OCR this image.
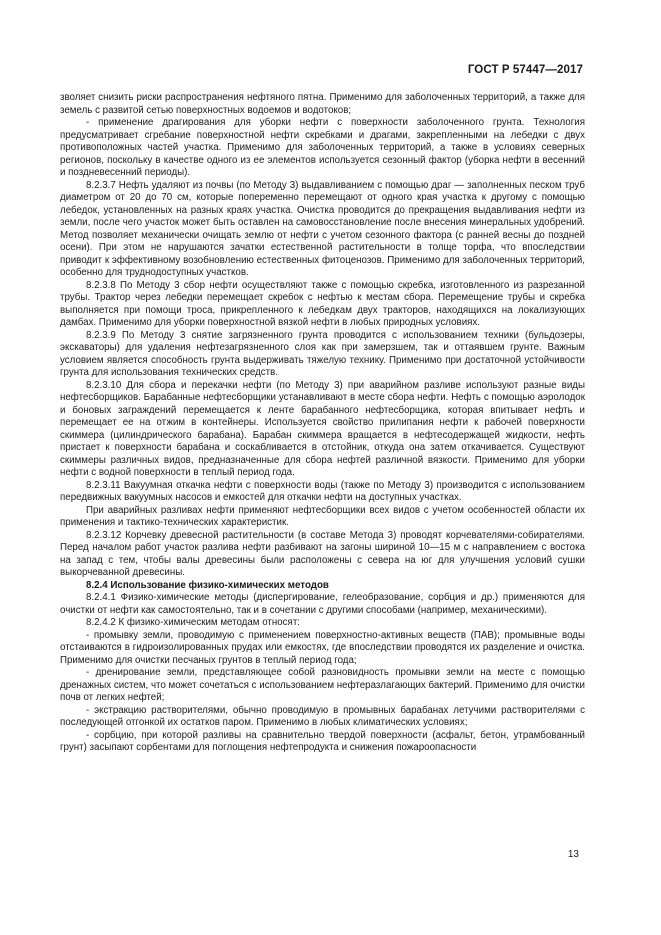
ГОСТ Р 57447—2017

зволяет снизить риски распространения нефтяного пятна. Применимо для заболоченных территорий, а также для земель с развитой сетью поверхностных водоемов и водотоков;

- применение драгирования для уборки нефти с поверхности заболоченного грунта. Технология предусматривает сгребание поверхностной нефти скребками и драгами, закрепленными на лебедки с двух противоположных частей участка. Применимо для заболоченных территорий, а также в условиях северных регионов, поскольку в качестве одного из ее элементов используется сезонный фактор (уборка нефти в весенний и поздневесенний периоды).

8.2.3.7 Нефть удаляют из почвы (по Методу 3) выдавливанием с помощью драг — заполненных песком труб диаметром от 20 до 70 см, которые попеременно перемещают от одного края участка к другому с помощью лебедок, установленных на разных краях участка. Очистка проводится до прекращения выдавливания нефти из земли, после чего участок может быть оставлен на самовосстановление после внесения минеральных удобрений. Метод позволяет механически очищать землю от нефти с учетом сезонного фактора (с ранней весны до поздней осени). При этом не нарушаются зачатки естественной растительности в толще торфа, что впоследствии приводит к эффективному возобновлению естественных фитоценозов. Применимо для заболоченных территорий, особенно для труднодоступных участков.

8.2.3.8 По Методу 3 сбор нефти осуществляют также с помощью скребка, изготовленного из разрезанной трубы. Трактор через лебедки перемещает скребок с нефтью к местам сбора. Перемещение трубы и скребка выполняется при помощи троса, прикрепленного к лебедкам двух тракторов, находящихся на локализующих дамбах. Применимо для уборки поверхностной вязкой нефти в любых природных условиях.

8.2.3.9 По Методу 3 снятие загрязненного грунта проводится с использованием техники (бульдозеры, экскаваторы) для удаления нефтезагрязненного слоя как при замерзшем, так и оттаявшем грунте. Важным условием является способность грунта выдерживать тяжелую технику. Применимо при достаточной устойчивости грунта для использования технических средств.

8.2.3.10 Для сбора и перекачки нефти (по Методу 3) при аварийном разливе используют разные виды нефтесборщиков. Барабанные нефтесборщики устанавливают в месте сбора нефти. Нефть с помощью аэролодок и боновых заграждений перемещается к ленте барабанного нефтесборщика, которая впитывает нефть и перемещает ее на отжим в контейнеры. Используется свойство прилипания нефти к рабочей поверхности скиммера (цилиндрического барабана). Барабан скиммера вращается в нефтесодержащей жидкости, нефть пристает к поверхности барабана и соскабливается в отстойник, откуда она затем откачивается. Существуют скиммеры различных видов, предназначенные для сбора нефтей различной вязкости. Применимо для уборки нефти с водной поверхности в теплый период года.

8.2.3.11 Вакуумная откачка нефти с поверхности воды (также по Методу 3) производится с использованием передвижных вакуумных насосов и емкостей для откачки нефти на доступных участках.

При аварийных разливах нефти применяют нефтесборщики всех видов с учетом особенностей области их применения и тактико-технических характеристик.

8.2.3.12 Корчевку древесной растительности (в составе Метода 3) проводят корчевателями-собирателями. Перед началом работ участок разлива нефти разбивают на загоны шириной 10—15 м с направлением с востока на запад с тем, чтобы валы древесины были расположены с севера на юг для улучшения условий сушки выкорчеванной древесины.

8.2.4 Использование физико-химических методов

8.2.4.1 Физико-химические методы (диспергирование, гелеобразование, сорбция и др.) применяются для очистки от нефти как самостоятельно, так и в сочетании с другими способами (например, механическими).

8.2.4.2 К физико-химическим методам относят:

- промывку земли, проводимую с применением поверхностно-активных веществ (ПАВ); промывные воды отстаиваются в гидроизолированных прудах или емкостях, где впоследствии проводятся их разделение и очистка. Применимо для очистки песчаных грунтов в теплый период года;

- дренирование земли, представляющее собой разновидность промывки земли на месте с помощью дренажных систем, что может сочетаться с использованием нефтеразлагающих бактерий. Применимо для очистки почв от легких нефтей;

- экстракцию растворителями, обычно проводимую в промывных барабанах летучими растворителями с последующей отгонкой их остатков паром. Применимо в любых климатических условиях;

- сорбцию, при которой разливы на сравнительно твердой поверхности (асфальт, бетон, утрамбованный грунт) засыпают сорбентами для поглощения нефтепродукта и снижения пожароопасности

13
